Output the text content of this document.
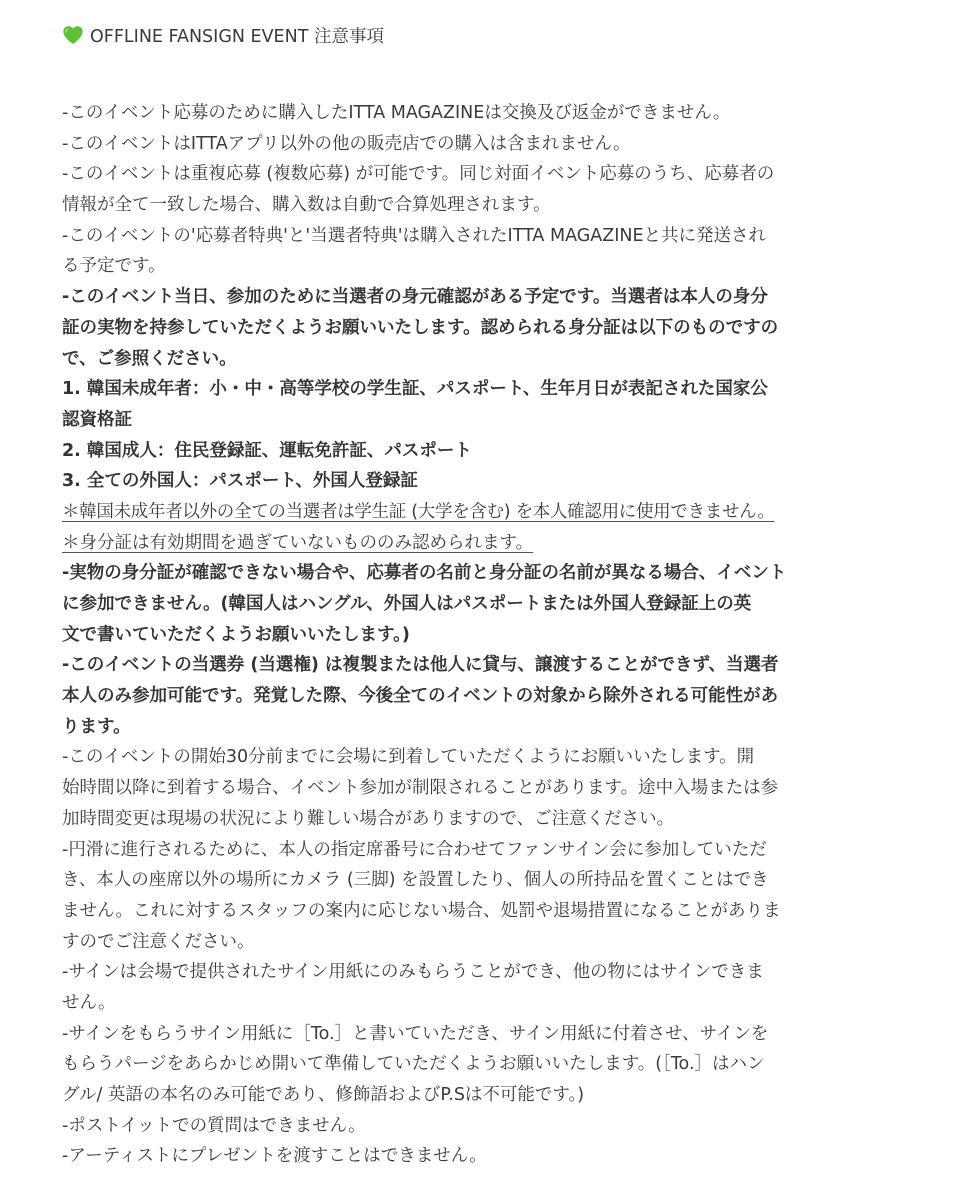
OFFLINE FANSIGN EVENT 注意事項
-このイベント応募のために購入したITTA MAGAZINEは交換及び返金ができません。
-このイベントはITTAアプリ以外の他の販売店での購入は含まれません。
-このイベントは重複応募 (複数応募) が可能です。同じ対面イベント応募のうち、応募者の
情報が全て一致した場合、購入数は自動で合算処理されます。
-このイベントの'応募者特典'と'当選者特典'は購入されたITTA MAGAZINEと共に発送され
る予定です。
-このイベント当日、参加のために当選者の身元確認がある予定です。当選者は本人の身分
証の実物を持参していただくようお願いいたします。認められる身分証は以下のものですの
で、ご参照ください。
1. 韓国未成年者：小・中・高等学校の学生証、パスポート、生年月日が表記された国家公
認資格証
2. 韓国成人：住民登録証、運転免許証、パスポート
3. 全ての外国人：パスポート、外国人登録証
＊韓国未成年者以外の全ての当選者は学生証 (大学を含む) を本人確認用に使用できません。
＊身分証は有効期間を過ぎていないもののみ認められます。
-実物の身分証が確認できない場合や、応募者の名前と身分証の名前が異なる場合、イベント
に参加できません。(韓国人はハングル、外国人はパスポートまたは外国人登録証上の英
文で書いていただくようお願いいたします。)
-このイベントの当選券 (当選権) は複製または他人に貸与、譲渡することができず、当選者
本人のみ参加可能です。発覚した際、今後全てのイベントの対象から除外される可能性があ
ります。
-このイベントの開始30分前までに会場に到着していただくようにお願いいたします。開
始時間以降に到着する場合、イベント参加が制限されることがあります。途中入場または参
加時間変更は現場の状況により難しい場合がありますので、ご注意ください。
-円滑に進行されるために、本人の指定席番号に合わせてファンサイン会に参加していただ
き、本人の座席以外の場所にカメラ (三脚) を設置したり、個人の所持品を置くことはでき
ません。これに対するスタッフの案内に応じない場合、処罰や退場措置になることがありま
すのでご注意ください。
-サインは会場で提供されたサイン用紙にのみもらうことができ、他の物にはサインできま
せん。
-サインをもらうサイン用紙に［To.］と書いていただき、サイン用紙に付着させ、サインを
もらうパージをあらかじめ開いて準備していただくようお願いいたします。(［To.］はハン
グル/ 英語の本名のみ可能であり、修飾語およびP.Sは不可能です。)
-ポストイットでの質問はできません。
-アーティストにプレゼントを渡すことはできません。
